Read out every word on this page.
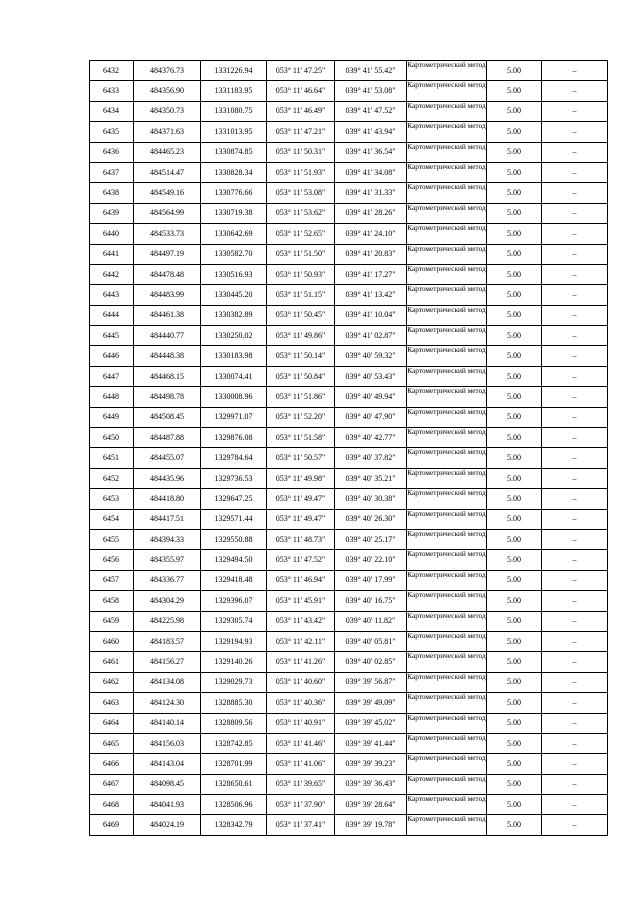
6432	484376.73	1331226.94	053° 11' 47.25"	039° 41' 55.42"	Картометрический метод	5.00	–
6433	484356.90	1331183.95	053° 11' 46.64"	039° 41' 53.08"	Картометрический метод	5.00	–
6434	484350.73	1331080.75	053° 11' 46.49"	039° 41' 47.52"	Картометрический метод	5.00	–
6435	484371.63	1331013.95	053° 11' 47.21"	039° 41' 43.94"	Картометрический метод	5.00	–
6436	484465.23	1330874.85	053° 11' 50.31"	039° 41' 36.54"	Картометрический метод	5.00	–
6437	484514.47	1330828.34	053° 11' 51.93"	039° 41' 34.08"	Картометрический метод	5.00	–
6438	484549.16	1330776.66	053° 11' 53.08"	039° 41' 31.33"	Картометрический метод	5.00	–
6439	484564.99	1330719.38	053° 11' 53.62"	039° 41' 28.26"	Картометрический метод	5.00	–
6440	484533.73	1330642.69	053° 11' 52.65"	039° 41' 24.10"	Картометрический метод	5.00	–
6441	484497.19	1330582.70	053° 11' 51.50"	039° 41' 20.83"	Картометрический метод	5.00	–
6442	484478.48	1330516.93	053° 11' 50.93"	039° 41' 17.27"	Картометрический метод	5.00	–
6443	484483.99	1330445.20	053° 11' 51.15"	039° 41' 13.42"	Картометрический метод	5.00	–
6444	484461.38	1330382.89	053° 11' 50.45"	039° 41' 10.04"	Картометрический метод	5.00	–
6445	484440.77	1330250.02	053° 11' 49.86"	039° 41' 02.87"	Картометрический метод	5.00	–
6446	484448.38	1330183.98	053° 11' 50.14"	039° 40' 59.32"	Картометрический метод	5.00	–
6447	484468.15	1330074.41	053° 11' 50.84"	039° 40' 53.43"	Картометрический метод	5.00	–
6448	484498.78	1330008.96	053° 11' 51.86"	039° 40' 49.94"	Картометрический метод	5.00	–
6449	484508.45	1329971.07	053° 11' 52.20"	039° 40' 47.90"	Картометрический метод	5.00	–
6450	484487.88	1329876.08	053° 11' 51.58"	039° 40' 42.77"	Картометрический метод	5.00	–
6451	484455.07	1329784.64	053° 11' 50.57"	039° 40' 37.82"	Картометрический метод	5.00	–
6452	484435.96	1329736.53	053° 11' 49.98"	039° 40' 35.21"	Картометрический метод	5.00	–
6453	484418.80	1329647.25	053° 11' 49.47"	039° 40' 30.38"	Картометрический метод	5.00	–
6454	484417.51	1329571.44	053° 11' 49.47"	039° 40' 26.30"	Картометрический метод	5.00	–
6455	484394.33	1329550.88	053° 11' 48.73"	039° 40' 25.17"	Картометрический метод	5.00	–
6456	484355.97	1329494.50	053° 11' 47.52"	039° 40' 22.10"	Картометрический метод	5.00	–
6457	484336.77	1329418.48	053° 11' 46.94"	039° 40' 17.99"	Картометрический метод	5.00	–
6458	484304.29	1329396.07	053° 11' 45.91"	039° 40' 16.75"	Картометрический метод	5.00	–
6459	484225.98	1329305.74	053° 11' 43.42"	039° 40' 11.82"	Картометрический метод	5.00	–
6460	484183.57	1329194.93	053° 11' 42.11"	039° 40' 05.81"	Картометрический метод	5.00	–
6461	484156.27	1329140.26	053° 11' 41.26"	039° 40' 02.85"	Картометрический метод	5.00	–
6462	484134.08	1329029.73	053° 11' 40.60"	039° 39' 56.87"	Картометрический метод	5.00	–
6463	484124.30	1328885.30	053° 11' 40.36"	039° 39' 49.09"	Картометрический метод	5.00	–
6464	484140.14	1328809.56	053° 11' 40.91"	039° 39' 45.02"	Картометрический метод	5.00	–
6465	484156.03	1328742.85	053° 11' 41.46"	039° 39' 41.44"	Картометрический метод	5.00	–
6466	484143.04	1328701.99	053° 11' 41.06"	039° 39' 39.23"	Картометрический метод	5.00	–
6467	484098.45	1328650.61	053° 11' 39.65"	039° 39' 36.43"	Картометрический метод	5.00	–
6468	484041.93	1328506.96	053° 11' 37.90"	039° 39' 28.64"	Картометрический метод	5.00	–
6469	484024.19	1328342.79	053° 11' 37.41"	039° 39' 19.78"	Картометрический метод	5.00	–
